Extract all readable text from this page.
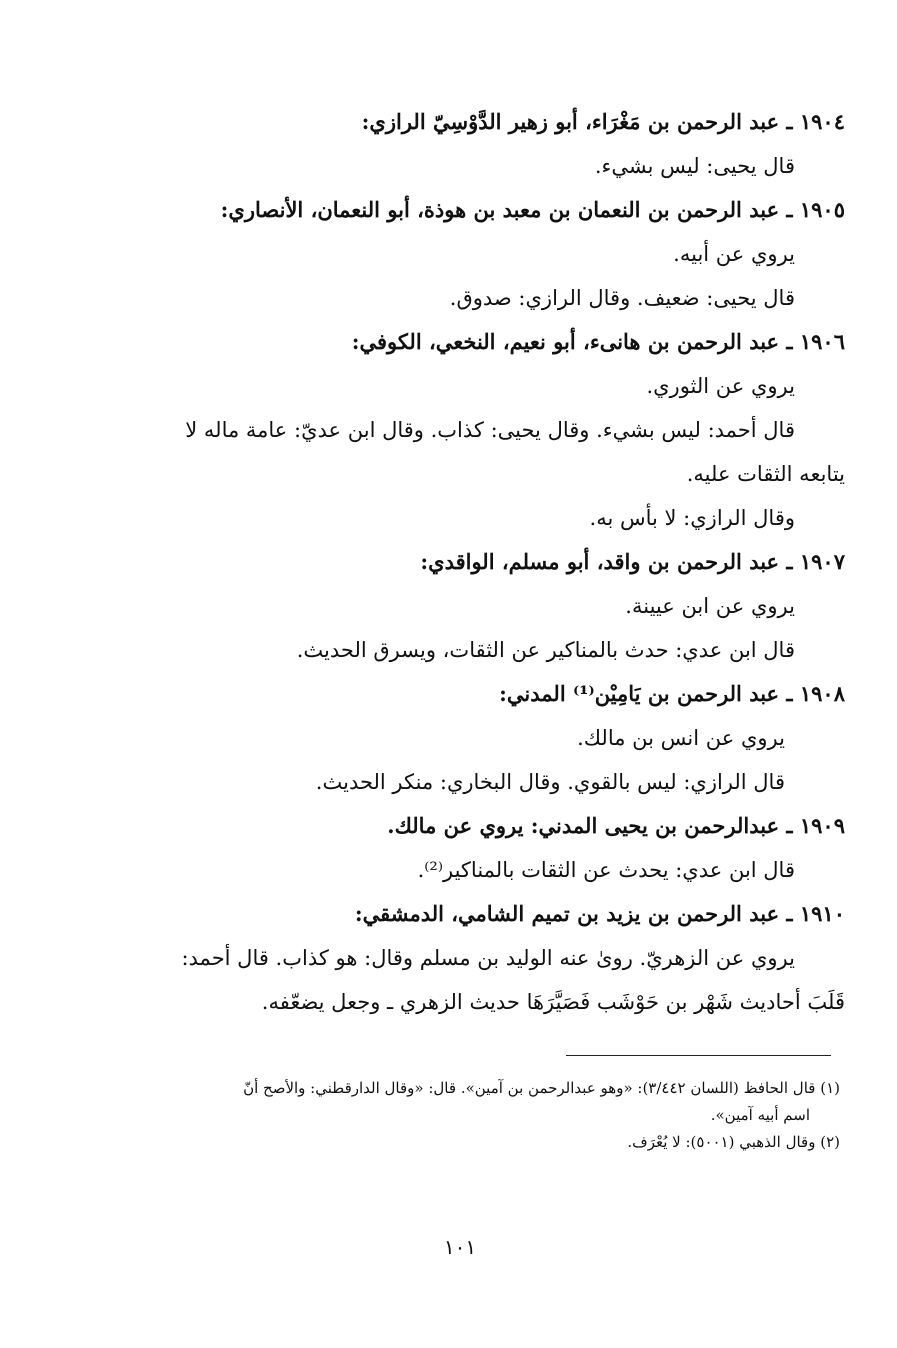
١٩٠٤ ـ عبد الرحمن بن مَغْرَاء، أبو زهير الدَّوْسِيّ الرازي:
قال يحيى: ليس بشيء.
١٩٠٥ ـ عبد الرحمن بن النعمان بن معبد بن هوذة، أبو النعمان، الأنصاري:
يروي عن أبيه.
قال يحيى: ضعيف. وقال الرازي: صدوق.
١٩٠٦ ـ عبد الرحمن بن هانىء، أبو نعيم، النخعي، الكوفي:
يروي عن الثوري.
قال أحمد: ليس بشيء. وقال يحيى: كذاب. وقال ابن عديّ: عامة ماله لا
يتابعه الثقات عليه.
وقال الرازي: لا بأس به.
١٩٠٧ ـ عبد الرحمن بن واقد، أبو مسلم، الواقدي:
يروي عن ابن عيينة.
قال ابن عدي: حدث بالمناكير عن الثقات، ويسرق الحديث.
١٩٠٨ ـ عبد الرحمن بن يَامِيْن⁽¹⁾ المدني:
يروي عن انس بن مالك.
قال الرازي: ليس بالقوي. وقال البخاري: منكر الحديث.
١٩٠٩ ـ عبدالرحمن بن يحيى المدني: يروي عن مالك.
قال ابن عدي: يحدث عن الثقات بالمناكير⁽²⁾.
١٩١٠ ـ عبد الرحمن بن يزيد بن تميم الشامي، الدمشقي:
يروي عن الزهريّ. روىٰ عنه الوليد بن مسلم وقال: هو كذاب. قال أحمد:
قَلَبَ أحاديث شَهْر بن حَوْشَب فَصَيَّرَهَا حديث الزهري ـ وجعل يضعّفه.
(١) قال الحافظ (اللسان ٣/٤٤٢): «وهو عبدالرحمن بن آمين». قال: «وقال الدارقطني: والأصح أنّ
اسم أبيه آمين».
(٢) وقال الذهبي (٥٠٠١): لا يُعْرَف.
١٠١
